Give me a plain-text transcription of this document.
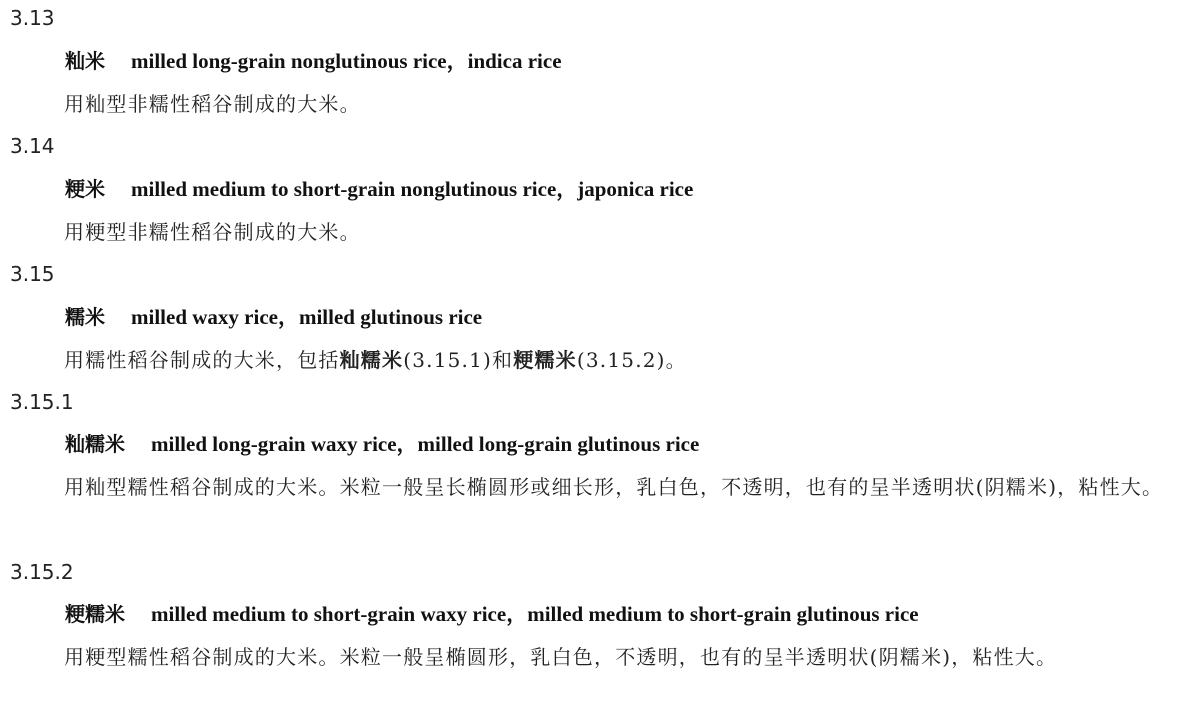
3.13
籼米 milled long-grain nonglutinous rice，indica rice
用籼型非糯性稻谷制成的大米。
3.14
粳米 milled medium to short-grain nonglutinous rice，japonica rice
用粳型非糯性稻谷制成的大米。
3.15
糯米 milled waxy rice，milled glutinous rice
用糯性稻谷制成的大米，包括籼糯米(3.15.1)和粳糯米(3.15.2)。
3.15.1
籼糯米 milled long-grain waxy rice，milled long-grain glutinous rice
用籼型糯性稻谷制成的大米。米粒一般呈长椭圆形或细长形，乳白色，不透明，也有的呈半透明状(阴糯米)，粘性大。
3.15.2
粳糯米 milled medium to short-grain waxy rice，milled medium to short-grain glutinous rice
用粳型糯性稻谷制成的大米。米粒一般呈椭圆形，乳白色，不透明，也有的呈半透明状(阴糯米)，粘性大。
